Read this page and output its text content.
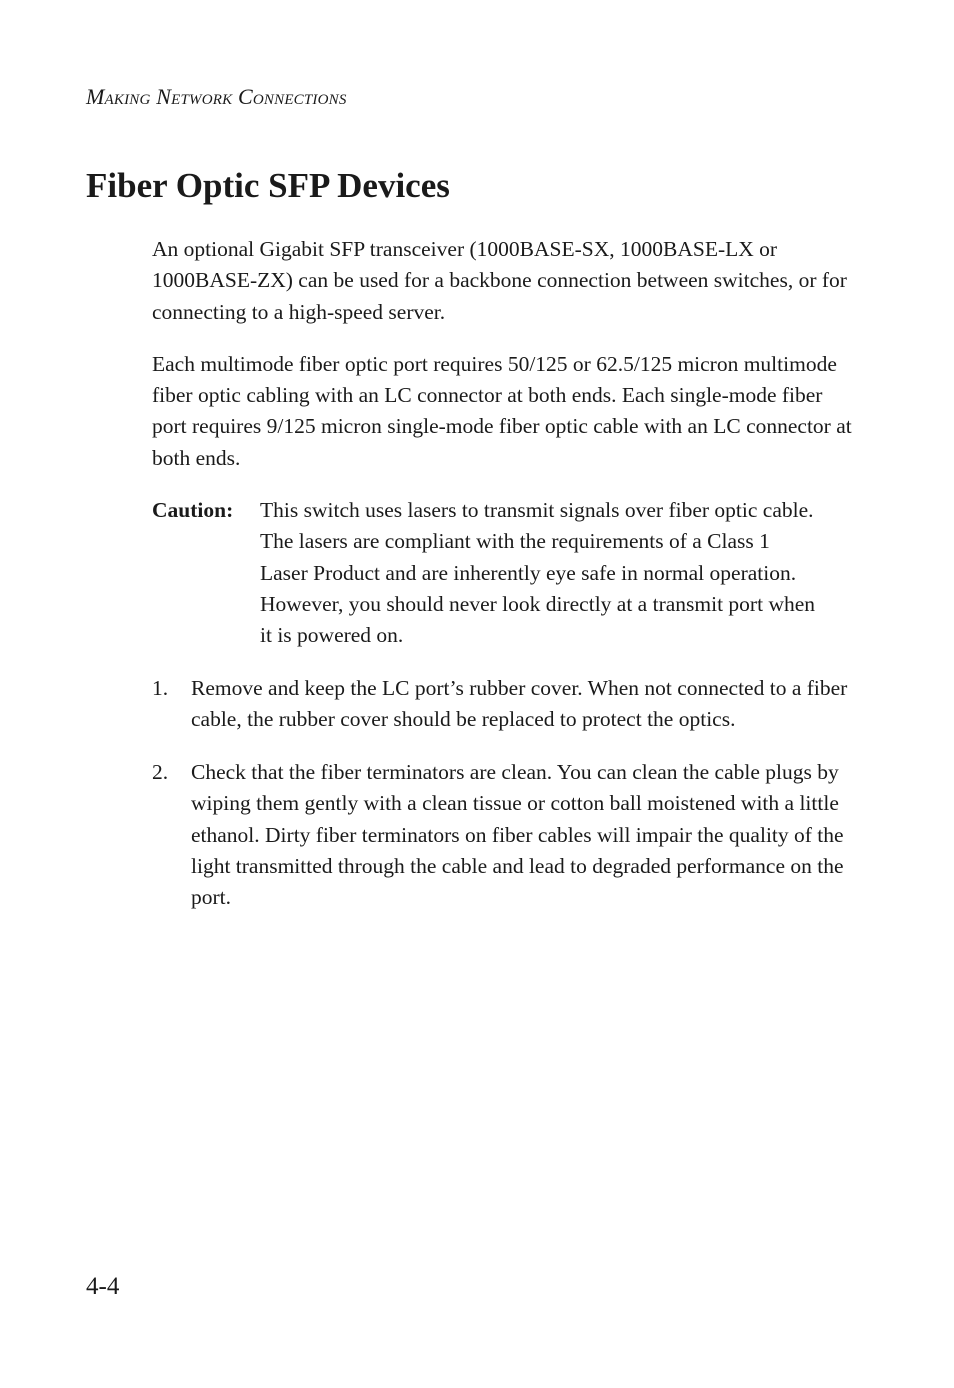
Making Network Connections
Fiber Optic SFP Devices

An optional Gigabit SFP transceiver (1000BASE-SX, 1000BASE-LX or 1000BASE-ZX) can be used for a backbone connection between switches, or for connecting to a high-speed server.

Each multimode fiber optic port requires 50/125 or 62.5/125 micron multimode fiber optic cabling with an LC connector at both ends. Each single-mode fiber port requires 9/125 micron single-mode fiber optic cable with an LC connector at both ends.

Caution:	This switch uses lasers to transmit signals over fiber optic cable. The lasers are compliant with the requirements of a Class 1 Laser Product and are inherently eye safe in normal operation. However, you should never look directly at a transmit port when it is powered on.
1.	Remove and keep the LC port’s rubber cover. When not connected to a fiber cable, the rubber cover should be replaced to protect the optics.
2.	Check that the fiber terminators are clean. You can clean the cable plugs by wiping them gently with a clean tissue or cotton ball moistened with a little ethanol. Dirty fiber terminators on fiber cables will impair the quality of the light transmitted through the cable and lead to degraded performance on the port.
4-4
